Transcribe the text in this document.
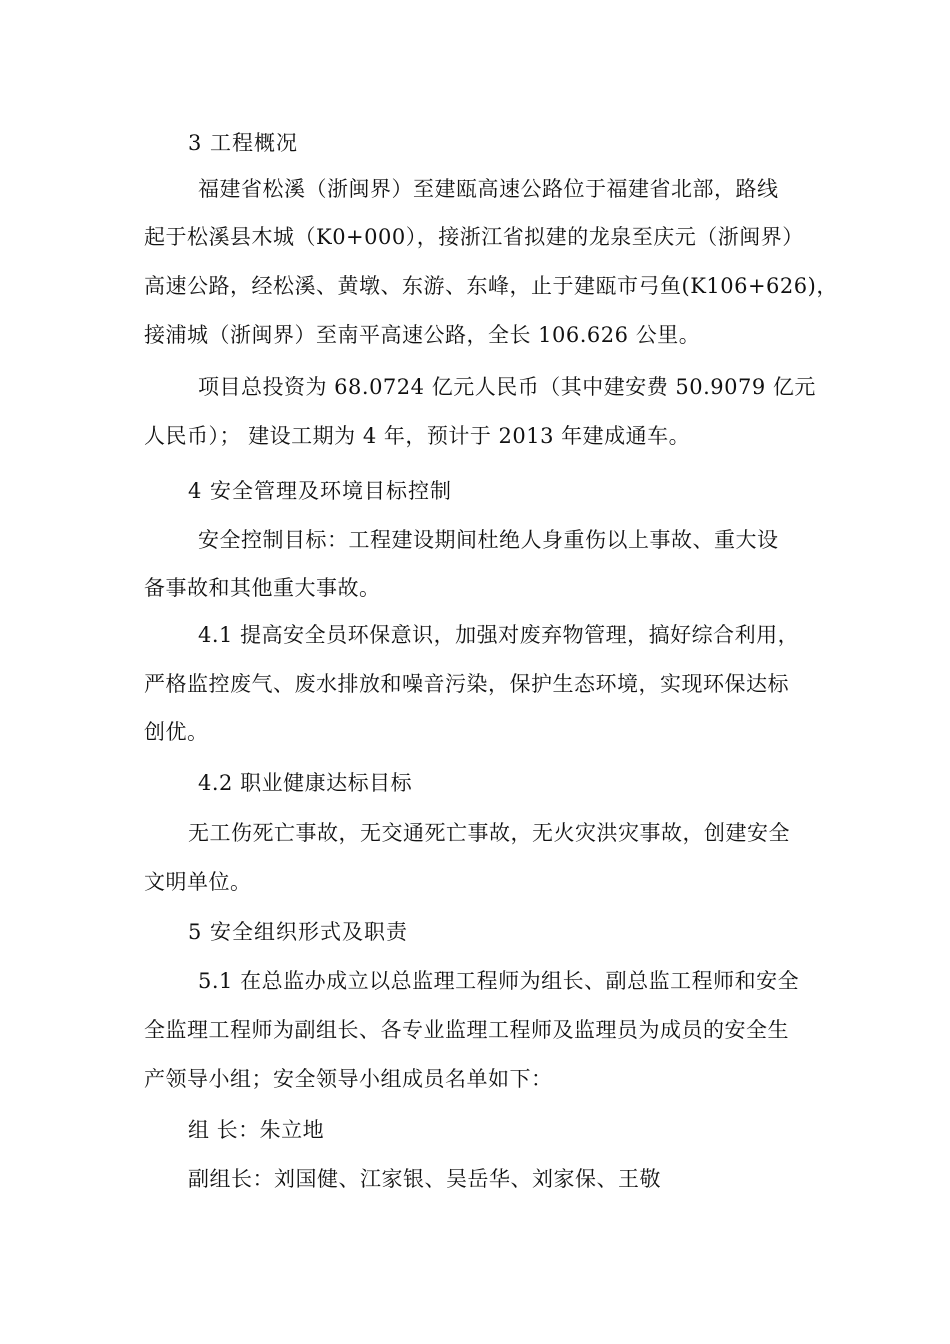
3 工程概况
福建省松溪（浙闽界）至建瓯高速公路位于福建省北部，路线
起于松溪县木城（K0+000），接浙江省拟建的龙泉至庆元（浙闽界）
高速公路，经松溪、黄墩、东游、东峰，止于建瓯市弓鱼(K106+626)，
接浦城（浙闽界）至南平高速公路，全长 106.626 公里。
项目总投资为 68.0724 亿元人民币（其中建安费 50.9079 亿元
人民币）； 建设工期为 4 年，预计于 2013 年建成通车。
4 安全管理及环境目标控制
安全控制目标：工程建设期间杜绝人身重伤以上事故、重大设
备事故和其他重大事故。
4.1 提高安全员环保意识，加强对废弃物管理，搞好综合利用，
严格监控废气、废水排放和噪音污染，保护生态环境，实现环保达标
创优。
4.2 职业健康达标目标
无工伤死亡事故，无交通死亡事故，无火灾洪灾事故，创建安全
文明单位。
5 安全组织形式及职责
5.1 在总监办成立以总监理工程师为组长、副总监工程师和安全
全监理工程师为副组长、各专业监理工程师及监理员为成员的安全生
产领导小组；安全领导小组成员名单如下：
组 长：朱立地
副组长：刘国健、江家银、吴岳华、刘家保、王敬
